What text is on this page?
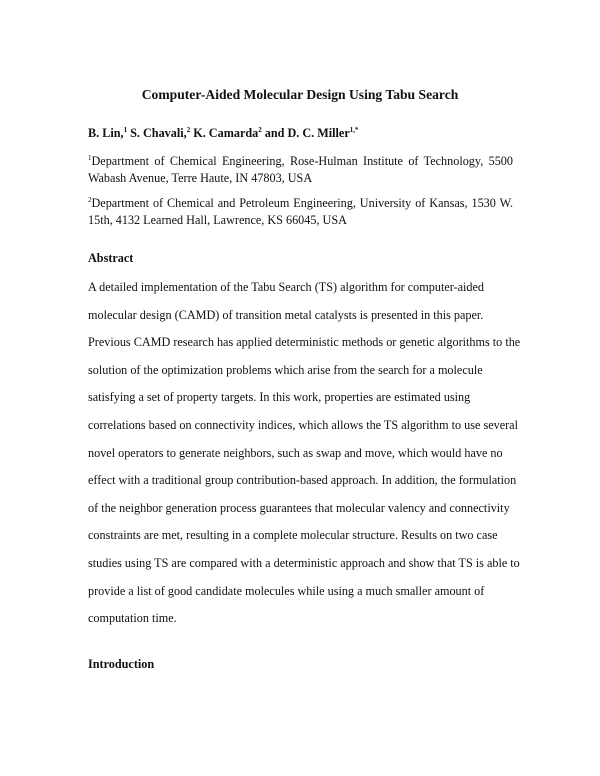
Computer-Aided Molecular Design Using Tabu Search
B. Lin,$^1$ S. Chavali,$^2$ K. Camarda$^2$ and D. C. Miller$^{1,*}$
$^1$Department of Chemical Engineering, Rose-Hulman Institute of Technology, 5500
Wabash Avenue, Terre Haute, IN 47803, USA
$^2$Department of Chemical and Petroleum Engineering, University of Kansas, 1530 W.
15th, 4132 Learned Hall, Lawrence, KS 66045, USA
Abstract
A detailed implementation of the Tabu Search (TS) algorithm for computer-aided
molecular design (CAMD) of transition metal catalysts is presented in this paper.
Previous CAMD research has applied deterministic methods or genetic algorithms to the
solution of the optimization problems which arise from the search for a molecule
satisfying a set of property targets. In this work, properties are estimated using
correlations based on connectivity indices, which allows the TS algorithm to use several
novel operators to generate neighbors, such as swap and move, which would have no
effect with a traditional group contribution-based approach. In addition, the formulation
of the neighbor generation process guarantees that molecular valency and connectivity
constraints are met, resulting in a complete molecular structure. Results on two case
studies using TS are compared with a deterministic approach and show that TS is able to
provide a list of good candidate molecules while using a much smaller amount of
computation time.
Introduction
